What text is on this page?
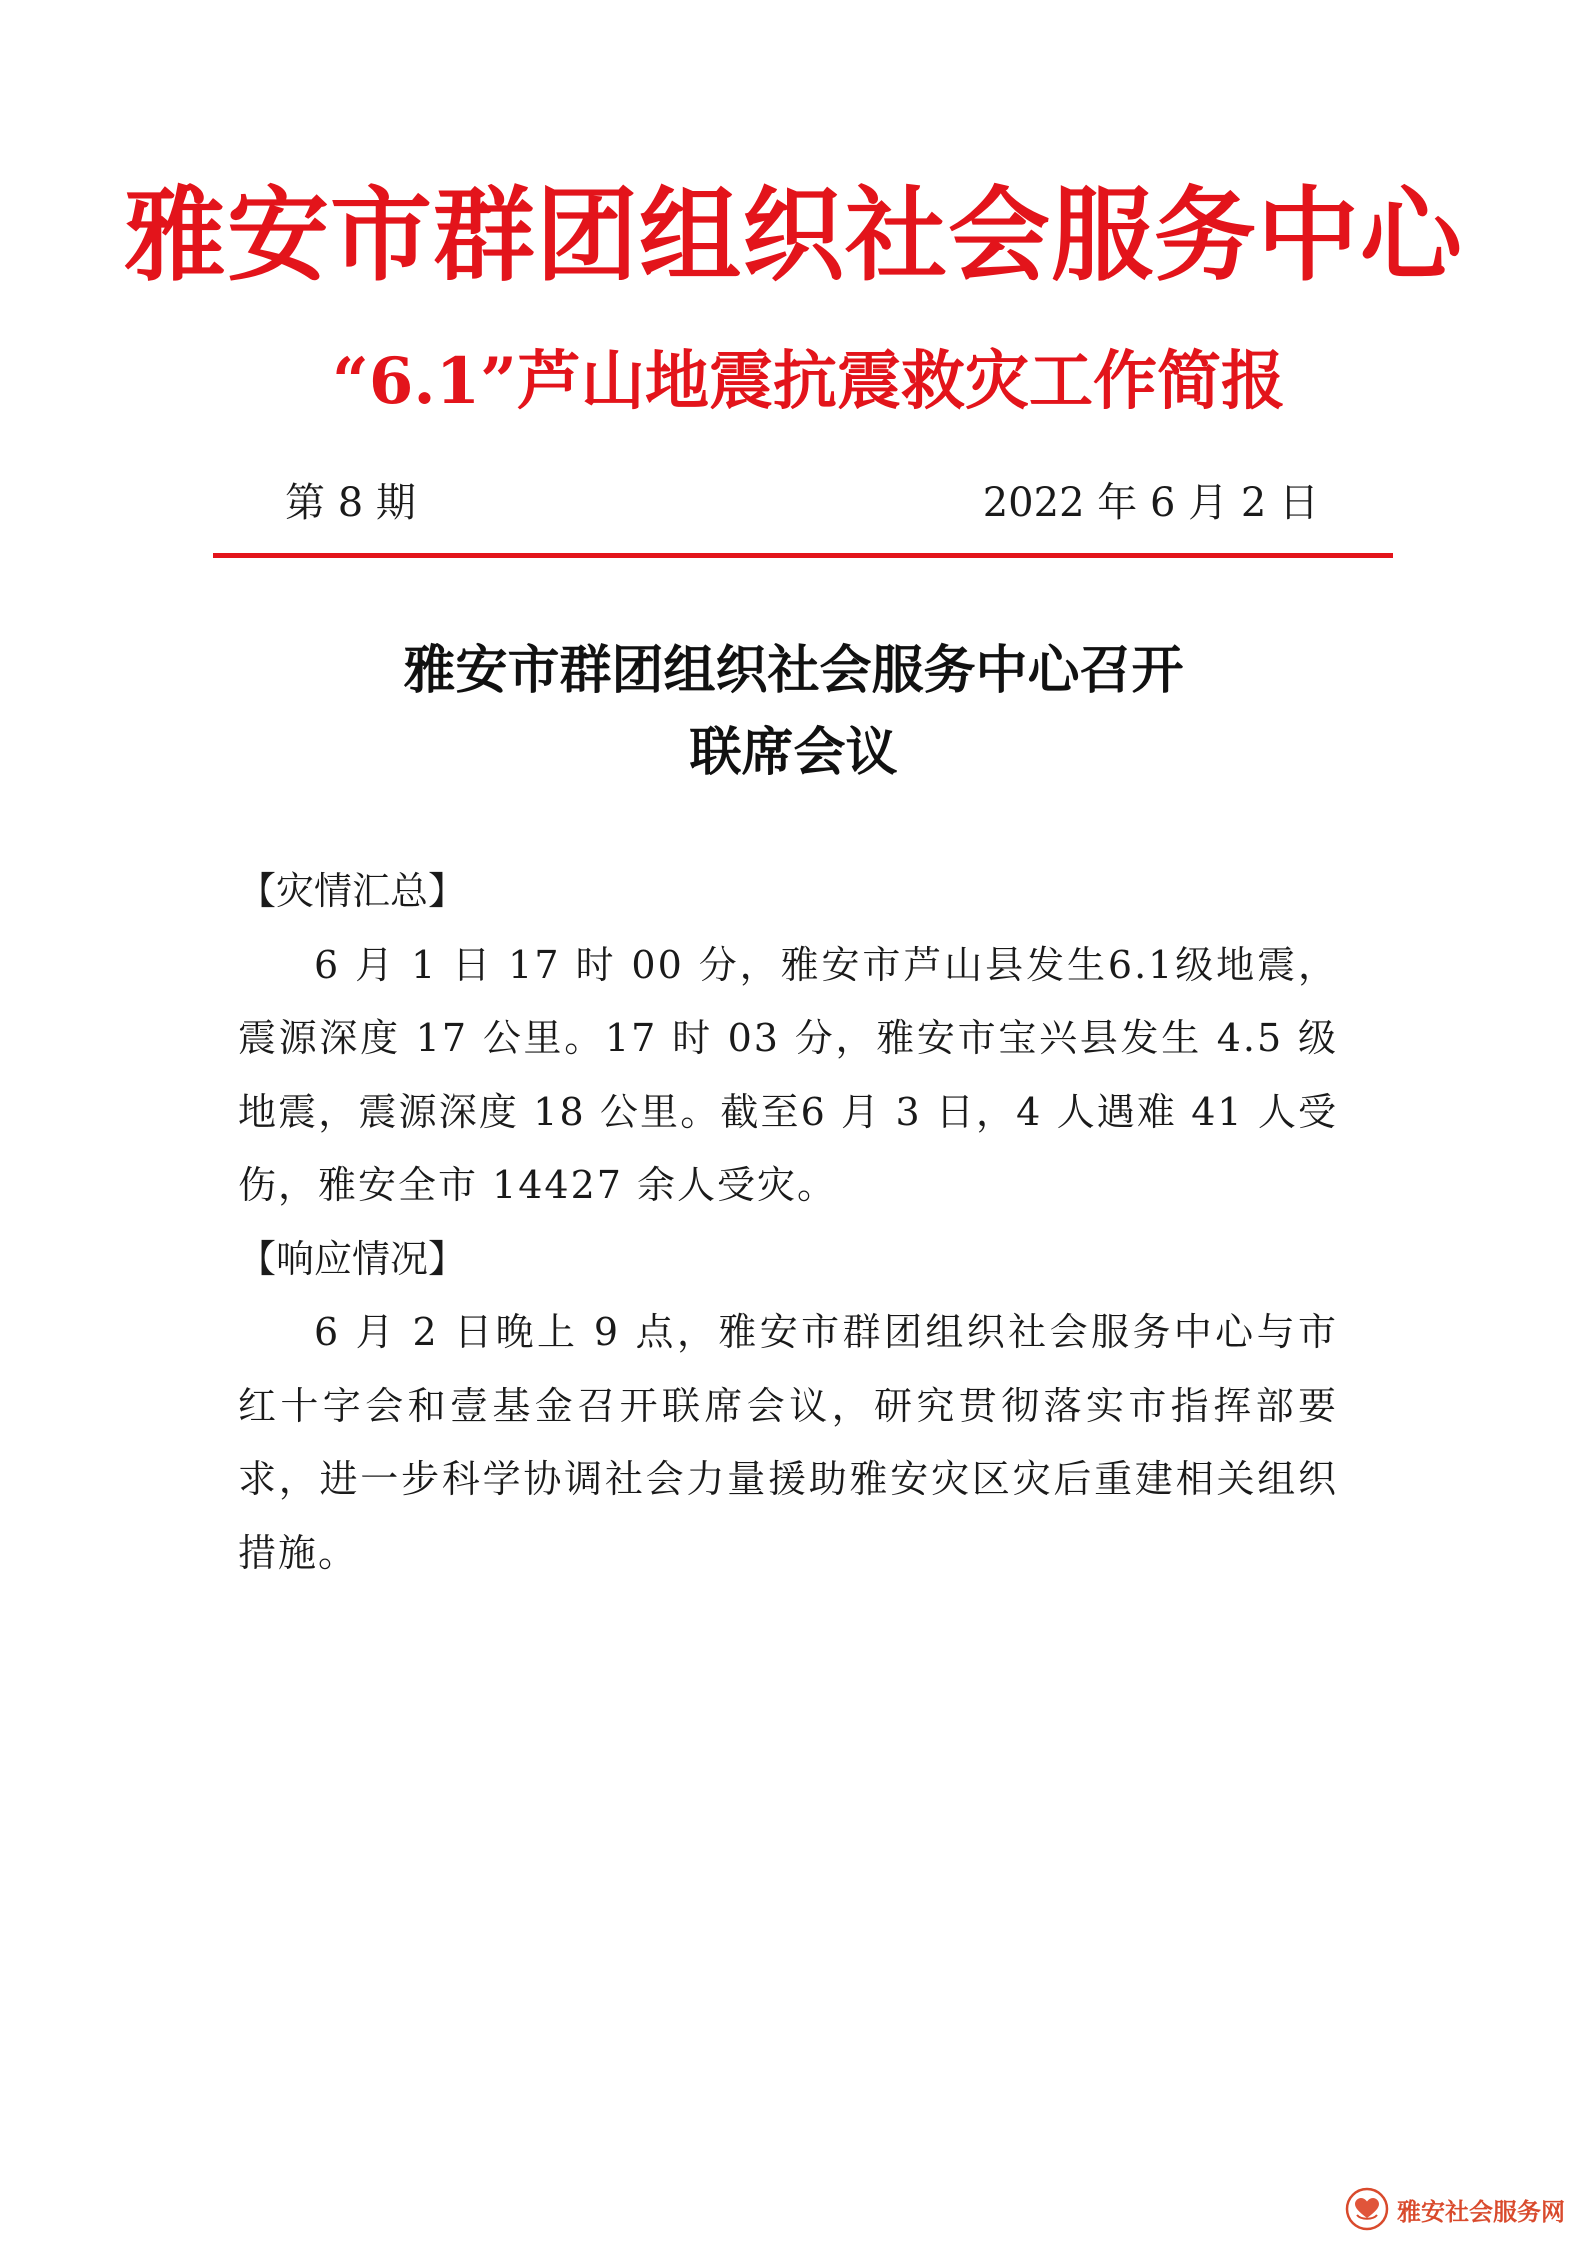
雅安市群团组织社会服务中心
“6.1”芦山地震抗震救灾工作简报
第 8 期	2022 年 6 月 2 日
雅安市群团组织社会服务中心召开
联席会议

【灾情汇总】

6 月 1 日 17 时 00 分，雅安市芦山县发生6.1级地震，震源深度 17 公里。17 时 03 分，雅安市宝兴县发生 4.5 级地震，震源深度 18 公里。截至6 月 3 日，4 人遇难 41 人受伤，雅安全市 14427 余人受灾。

【响应情况】

6 月 2 日晚上 9 点，雅安市群团组织社会服务中心与市红十字会和壹基金召开联席会议，研究贯彻落实市指挥部要求，进一步科学协调社会力量援助雅安灾区灾后重建相关组织措施。

雅安社会服务网
